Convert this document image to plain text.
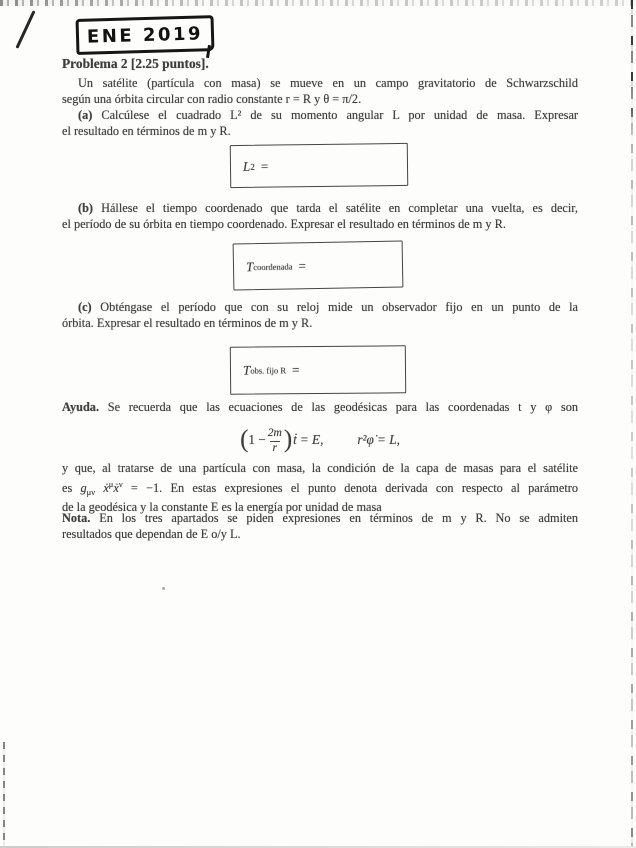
ENE 2019
Problema 2 [2.25 puntos].
Un satélite (partícula con masa) se mueve en un campo gravitatorio de Schwarzschild
según una órbita circular con radio constante r = R y θ = π/2.
(a) Calcúlese el cuadrado L² de su momento angular L por unidad de masa. Expresar
el resultado en términos de m y R.
L 2 =
(b) Hállese el tiempo coordenado que tarda el satélite en completar una vuelta, es decir,
el período de su órbita en tiempo coordenado. Expresar el resultado en términos de m y R.
T coordenada =
(c) Obténgase el período que con su reloj mide un observador fijo en un punto de la
órbita. Expresar el resultado en términos de m y R.
T obs. fijo R =
Ayuda. Se recuerda que las ecuaciones de las geodésicas para las coordenadas t y φ son
( $1 - \frac{2m}{r}$ ) ṫ = E,	r²φ̇ = L,
y que, al tratarse de una partícula con masa, la condición de la capa de masas para el satélite
es $g_{\mu\nu}$ ẋ$^\mu$ẋ$^\nu$ = −1. En estas expresiones el punto denota derivada con respecto al parámetro
de la geodésica y la constante E es la energía por unidad de masa
Nota. En los tres apartados se piden expresiones en términos de m y R. No se admiten
resultados que dependan de E o/y L.
